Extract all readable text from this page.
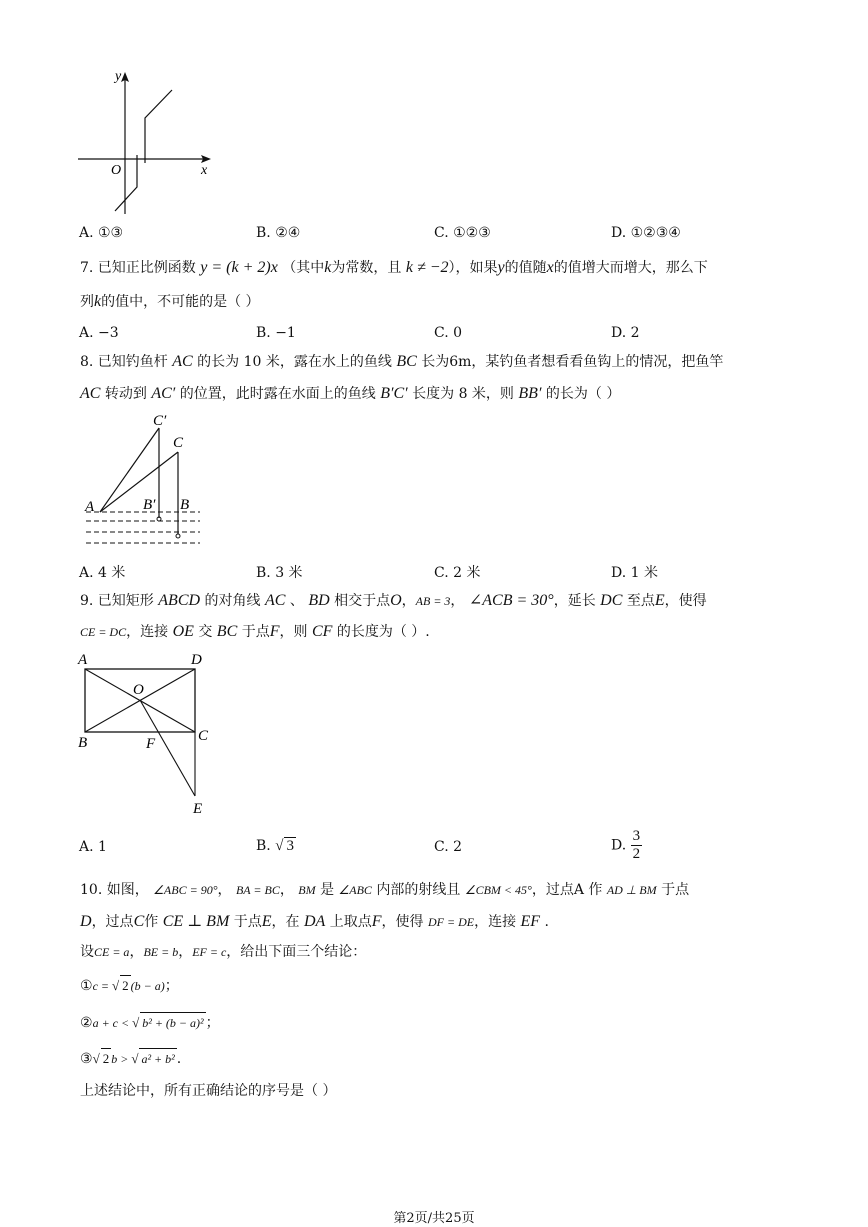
y
x
O
A. ①③	B. ②④	C. ①②③	D. ①②③④
7. 已知正比例函数 y = (k + 2)x （其中k为常数，且 k ≠ −2），如果y的值随x的值增大而增大，那么下
列k的值中，不可能的是（ ）
A. −3	B. −1	C. 0	D. 2
8. 已知钓鱼杆 AC 的长为 10 米，露在水上的鱼线 BC 长为6m，某钓鱼者想看看鱼钩上的情况，把鱼竿
AC 转动到 AC′ 的位置，此时露在水面上的鱼线 B′C′ 长度为 8 米，则 BB′ 的长为（ ）
C′
C
A	B′ B
A. 4 米	B. 3 米	C. 2 米	D. 1 米
9. 已知矩形 ABCD 的对角线 AC 、 BD 相交于点O，AB = 3， ∠ACB = 30°，延长 DC 至点E，使得
CE = DC，连接 OE 交 BC 于点F，则 CF 的长度为（ ）.
A	D
O
B	F	C
E
A. 1	B. √ 3	C. 2	D. $\frac{3}{2}$
10. 如图， ∠ABC = 90°， BA = BC， BM 是 ∠ABC 内部的射线且 ∠CBM < 45°，过点A 作 AD ⊥ BM 于点
D，过点C作 CE ⊥ BM 于点E，在 DA 上取点F，使得 DF = DE，连接 EF .
设CE = a，BE = b，EF = c，给出下面三个结论：
①c = √ 2 (b − a)；
②a + c < √ b² + (b − a)² ；
③√ 2 b > √ a² + b² .
上述结论中，所有正确结论的序号是（ ）
第2页/共25页
